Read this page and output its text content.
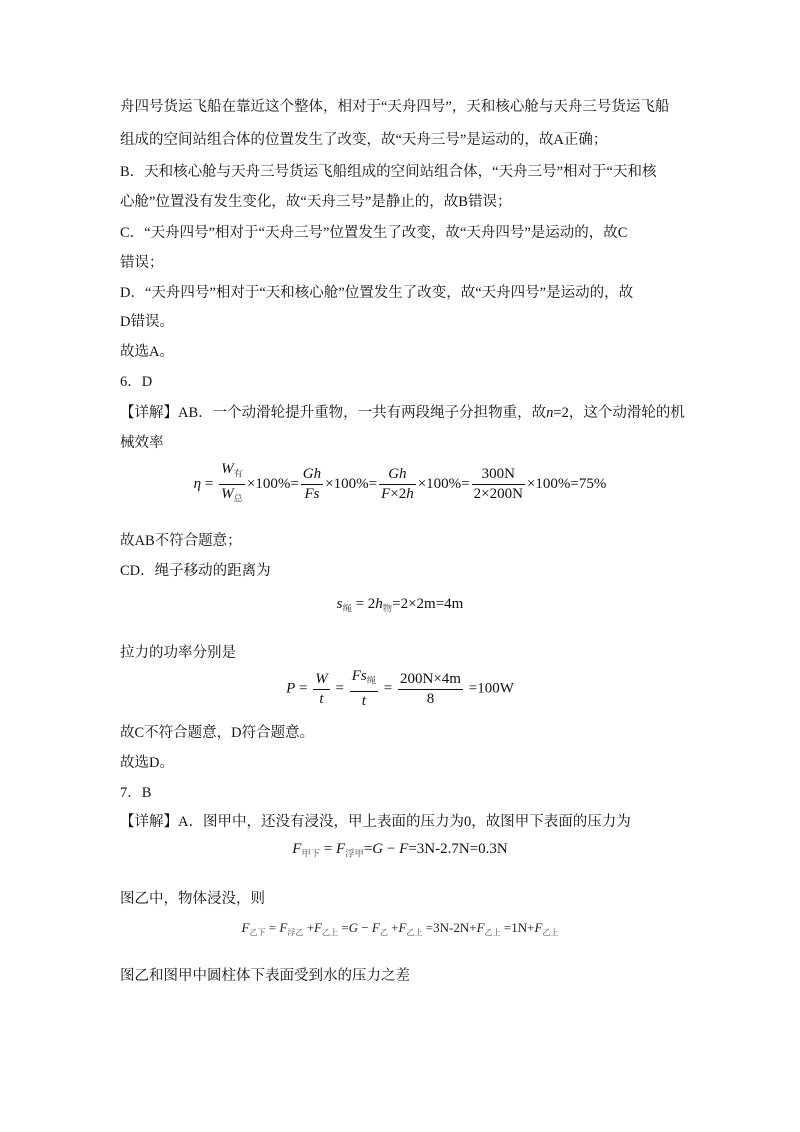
舟四号货运飞船在靠近这个整体，相对于“天舟四号”，天和核心舱与天舟三号货运飞船
组成的空间站组合体的位置发生了改变，故“天舟三号”是运动的，故A正确；
B．天和核心舱与天舟三号货运飞船组成的空间站组合体，“天舟三号”相对于“天和核
心舱”位置没有发生变化，故“天舟三号”是静止的，故B错误；
C．“天舟四号”相对于“天舟三号”位置发生了改变，故“天舟四号”是运动的，故C
错误；
D．“天舟四号”相对于“天和核心舱”位置发生了改变，故“天舟四号”是运动的，故
D错误。
故选A。
6．D
【详解】AB．一个动滑轮提升重物，一共有两段绳子分担物重，故n=2，这个动滑轮的机
械效率
$\eta = \frac{W_有}{W_总} \times 100\%= \frac{Gh}{Fs} \times 100\%= \frac{Gh}{F\times 2h} \times 100\%= \frac{300N}{2\times 200N} \times 100\%=75\%$
故AB不符合题意；
CD．绳子移动的距离为
$s_绳 = 2h_物=2\times 2m=4m$
拉力的功率分别是
$P = \frac{W}{t} = \frac{Fs_绳}{t} = \frac{200N\times 4m}{8} =100W$
故C不符合题意，D符合题意。
故选D。
7．B
【详解】A．图甲中，还没有浸没，甲上表面的压力为0，故图甲下表面的压力为
$F_{甲下} = F_{浮甲}=G - F=3N-2.7N=0.3N$
图乙中，物体浸没，则
$F_{乙下} = F_{浮乙} +F_{乙上} =G - F_乙 +F_{乙上} =3N-2N+F_{乙上} =1N+F_{乙上}$
图乙和图甲中圆柱体下表面受到水的压力之差
